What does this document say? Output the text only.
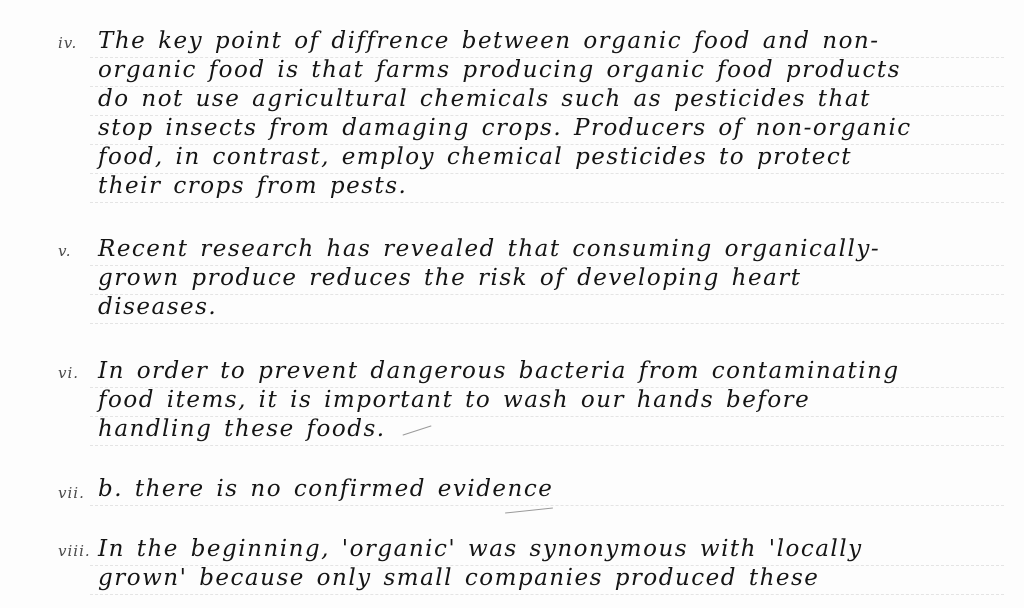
iv. The key point of diffrence between organic food and non-
organic food is that farms producing organic food products
do not use agricultural chemicals such as pesticides that
stop insects from damaging crops. Producers of non-organic
food, in contrast, employ chemical pesticides to protect
their crops from pests.
v. Recent research has revealed that consuming organically-
grown produce reduces the risk of developing heart
diseases.
vi. In order to prevent dangerous bacteria from contaminating
food items, it is important to wash our hands before
handling these foods.
vii. b. there is no confirmed evidence
viii. In the beginning, 'organic' was synonymous with 'locally
grown' because only small companies produced these
